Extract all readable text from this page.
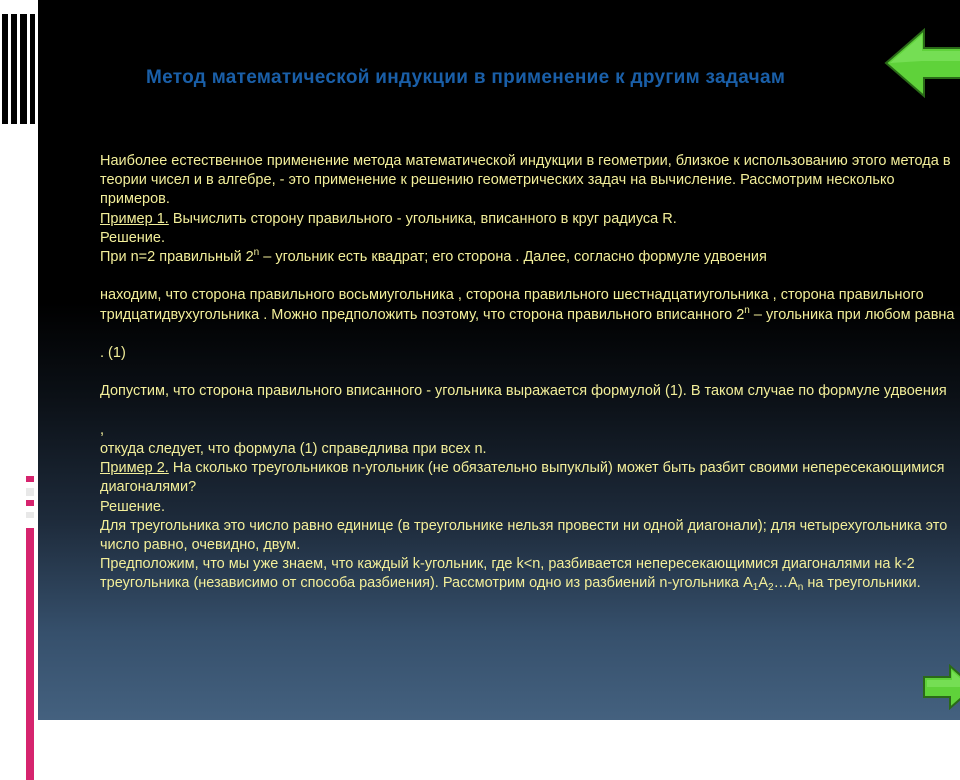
Метод математической индукции в применение к другим задачам

Наиболее естественное применение метода математической индукции в геометрии, близкое к использованию этого метода в теории чисел и в алгебре, - это применение к решению геометрических задач на вычисление. Рассмотрим несколько примеров.

Пример 1. Вычислить сторону правильного - угольника, вписанного в круг радиуса R.

Решение.

При n=2 правильный 2$^n$ – угольник есть квадрат; его сторона . Далее, согласно формуле удвоения

находим, что сторона правильного восьмиугольника , сторона правильного шестнадцатиугольника , сторона правильного тридцатидвухугольника . Можно предположить поэтому, что сторона правильного вписанного 2$^n$ – угольника при любом равна

. (1)

Допустим, что сторона правильного вписанного - угольника выражается формулой (1). В таком случае по формуле удвоения

,

откуда следует, что формула (1) справедлива при всех n.

Пример 2. На сколько треугольников n-угольник (не обязательно выпуклый) может быть разбит своими непересекающимися диагоналями?

Решение.

Для треугольника это число равно единице (в треугольнике нельзя провести ни одной диагонали); для четырехугольника это число равно, очевидно, двум.

Предположим, что мы уже знаем, что каждый k-угольник, где k<n, разбивается непересекающимися диагоналями на k-2 треугольника (независимо от способа разбиения). Рассмотрим одно из разбиений n-угольника $A_1A_2\dots A_n$ на треугольники.
